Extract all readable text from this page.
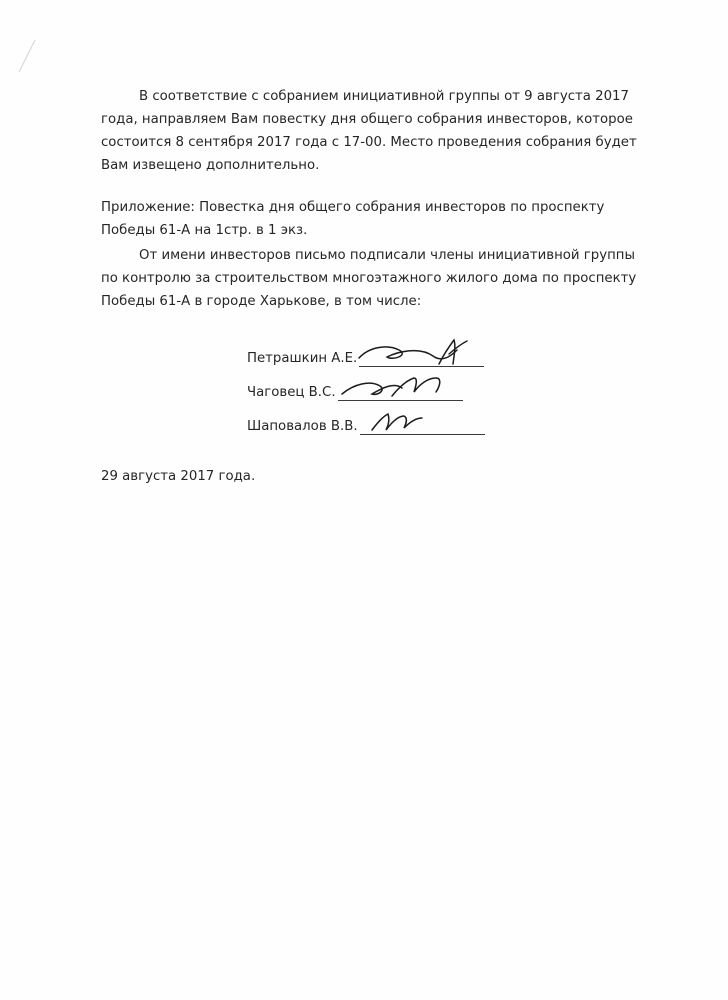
В соответствие с собранием инициативной группы от 9 августа 2017 года, направляем Вам повестку дня общего собрания инвесторов, которое состоится 8 сентября 2017 года с 17-00. Место проведения собрания будет Вам извещено дополнительно.

Приложение: Повестка дня общего собрания инвесторов по проспекту Победы 61-А на 1стр. в 1 экз.

От имени инвесторов письмо подписали члены инициативной группы по контролю за строительством многоэтажного жилого дома по проспекту Победы 61-А в городе Харькове, в том числе:

Петрашкин А.Е.
Чаговец В.С.
Шаповалов В.В.

29 августа 2017 года.
